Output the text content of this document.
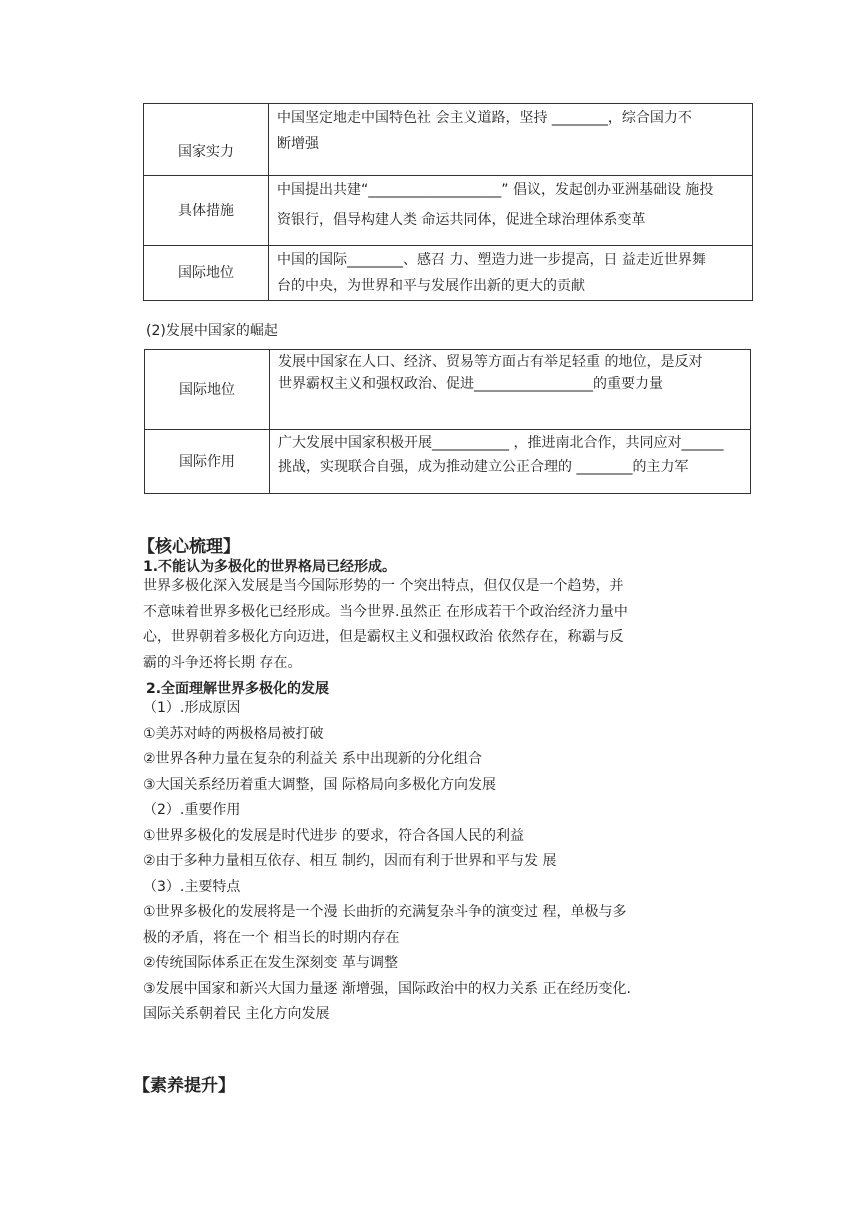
国家实力	中国坚定地走中国特色社 会主义道路，坚持 ________，综合国力不
断增强

具体措施	中国提出共建“___________________” 倡议，发起创办亚洲基础设 施投
资银行，倡导构建人类 命运共同体，促进全球治理体系变革

国际地位	中国的国际________、感召 力、塑造力进一步提高，日 益走近世界舞
台的中央，为世界和平与发展作出新的更大的贡献
(2)发展中国家的崛起
国际地位	发展中国家在人口、经济、贸易等方面占有举足轻重 的地位，是反对
世界霸权主义和强权政治、促进_________________的重要力量

国际作用	广大发展中国家积极开展___________ ，推进南北合作，共同应对______
挑战，实现联合自强，成为推动建立公正合理的 ________的主力军
【核心梳理】
1.不能认为多极化的世界格局已经形成。
世界多极化深入发展是当今国际形势的一 个突出特点，但仅仅是一个趋势，并
不意味着世界多极化已经形成。当今世界.虽然正 在形成若干个政治经济力量中
心，世界朝着多极化方向迈进，但是霸权主义和强权政治 依然存在，称霸与反
霸的斗争还将长期 存在。
2.全面理解世界多极化的发展
（1）.形成原因
①美苏对峙的两极格局被打破
②世界各种力量在复杂的利益关 系中出现新的分化组合
③大国关系经历着重大调整，国 际格局向多极化方向发展
（2）.重要作用
①世界多极化的发展是时代进步 的要求，符合各国人民的利益
②由于多种力量相互依存、相互 制约，因而有利于世界和平与发 展
（3）.主要特点
①世界多极化的发展将是一个漫 长曲折的充满复杂斗争的演变过 程，单极与多
极的矛盾，将在一个 相当长的时期内存在
②传统国际体系正在发生深刻变 革与调整
③发展中国家和新兴大国力量逐 渐增强，国际政治中的权力关系 正在经历变化.
国际关系朝着民 主化方向发展
【素养提升】
